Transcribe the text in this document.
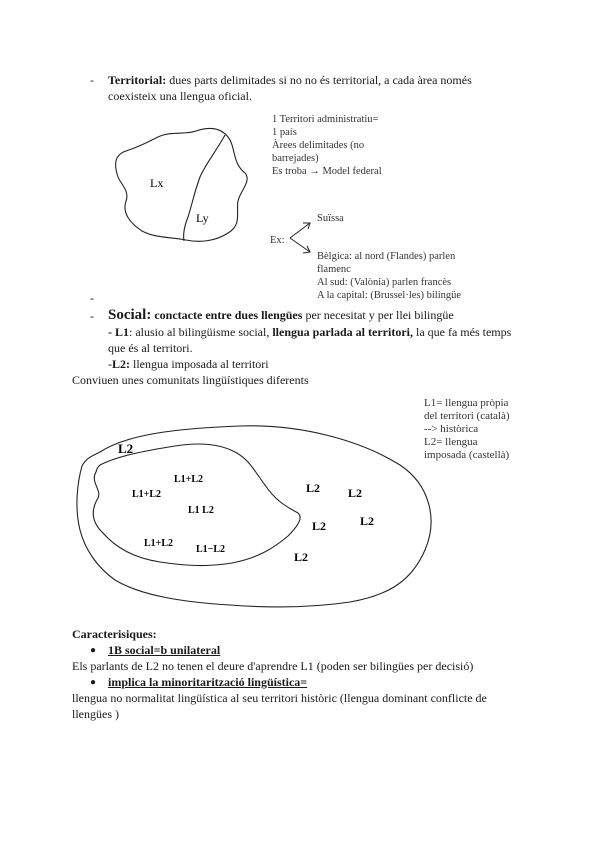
- Territorial: dues parts delimitades si no no és territorial, a cada àrea només
coexisteix una llengua oficial.
Lx
Ly
1 Territori administratiu=
1 país
Àrees delimitades (no
barrejades)
Es troba → Model federal
Ex:
Suïssa
Bèlgica: al nord (Flandes) parlen
flamenc
Al sud: (Valònia) parlen francès
A la capital: (Brussel·les) bilingüe
-
- Social: conctacte entre dues llengües per necesitat y per llei bilingüe
- L1: alusio al bilingüisme social, llengua parlada al territori, la que fa més temps
que és al territori.
-L2: llengua imposada al territori
Conviuen unes comunitats lingüístiques diferents
L1= llengua pròpia
del territori (català)
--> històrica
L2= llengua
imposada (castellà)
L2
L1+L2
L1+L2
L1 L2
L1+L2
L1−L2
L2 L2
L2
L2
L2
Caracterisiques:
● 1B social=b unilateral
Els parlants de L2 no tenen el deure d'aprendre L1 (poden ser bilingües per decisió)
● implica la minoritarització lingüística=
llengua no normalitat lingüística al seu territori històric (llengua dominant conflicte de
llengües )
